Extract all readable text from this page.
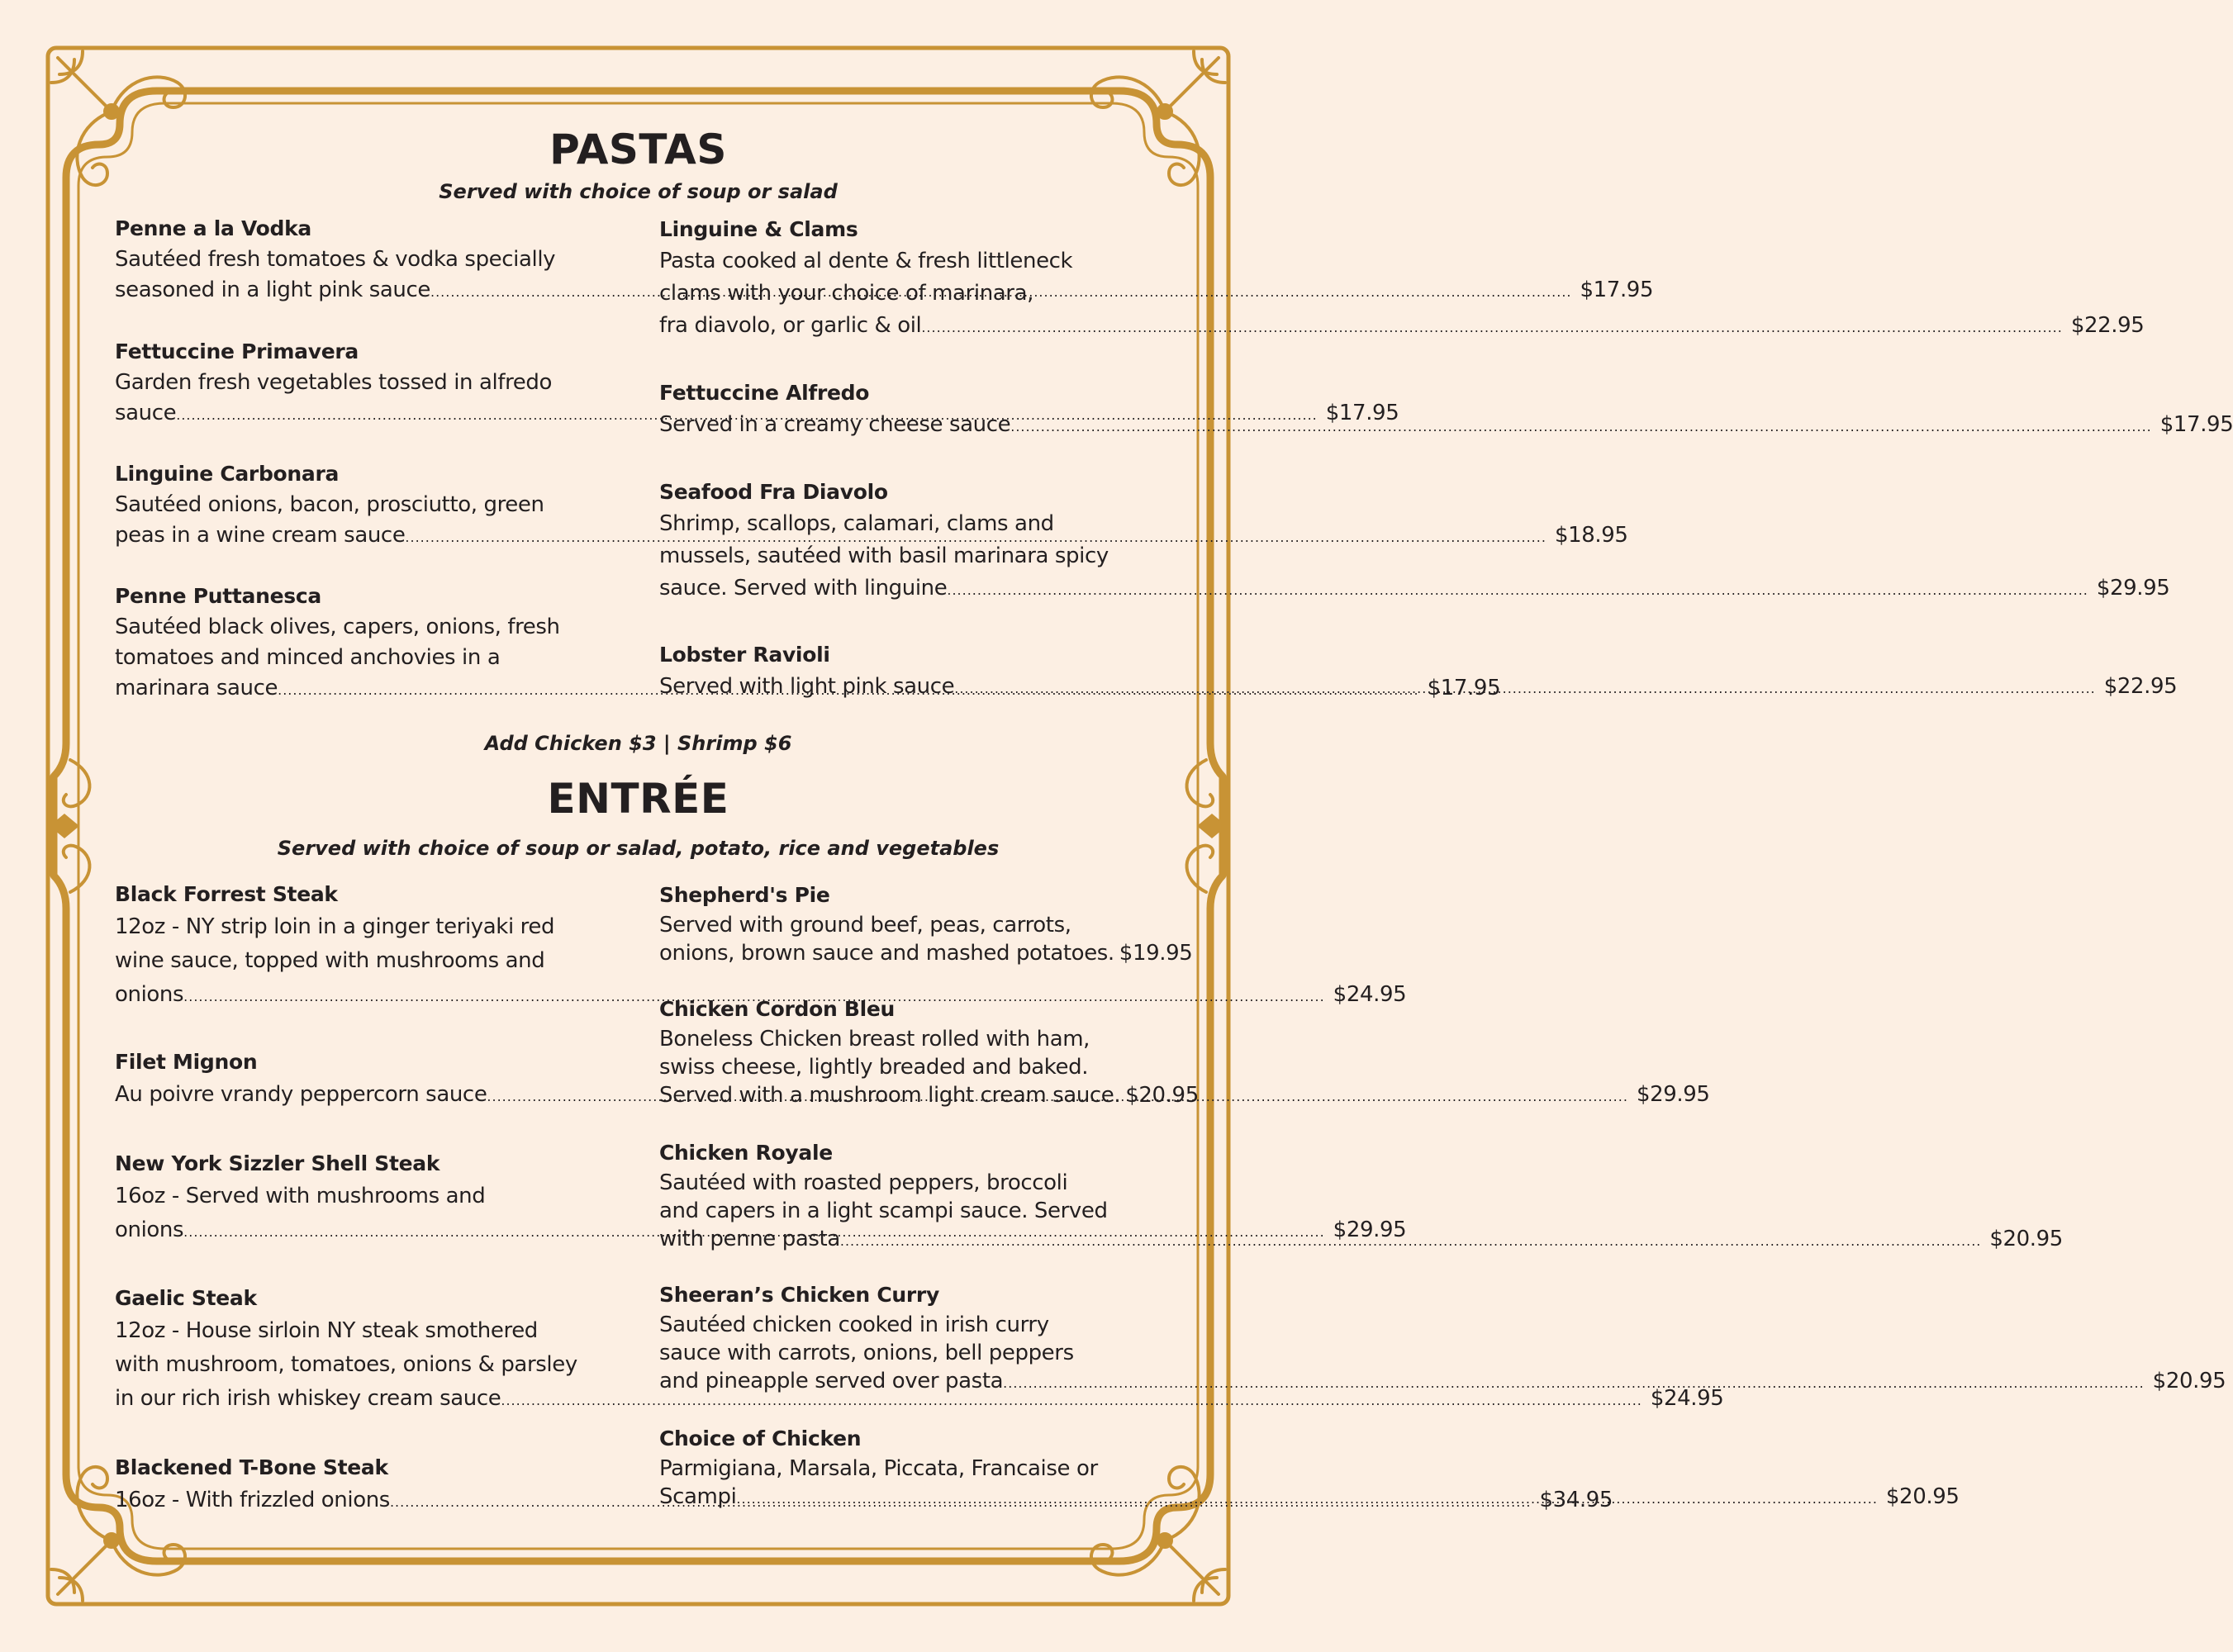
PASTAS
Served with choice of soup or salad
Penne a la Vodka
Sautéed fresh tomatoes & vodka specially
seasoned in a light pink sauce .....	$17.95
Fettuccine Primavera
Garden fresh vegetables tossed in alfredo
sauce .....	$17.95
Linguine Carbonara
Sautéed onions, bacon, prosciutto, green
peas in a wine cream sauce .....	$18.95
Penne Puttanesca
Sautéed black olives, capers, onions, fresh
tomatoes and minced anchovies in a
marinara sauce .....	$17.95
Linguine & Clams
Pasta cooked al dente & fresh littleneck
clams with your choice of marinara,
fra diavolo, or garlic & oil .....	$22.95
Fettuccine Alfredo
Served in a creamy cheese sauce .....	$17.95
Seafood Fra Diavolo
Shrimp, scallops, calamari, clams and
mussels, sautéed with basil marinara spicy
sauce. Served with linguine .....	$29.95
Lobster Ravioli
Served with light pink sauce .....	$22.95
Add Chicken $3 | Shrimp $6
ENTRÉE
Served with choice of soup or salad, potato, rice and vegetables
Black Forrest Steak
12oz - NY strip loin in a ginger teriyaki red
wine sauce, topped with mushrooms and
onions .....	$24.95
Filet Mignon
Au poivre vrandy peppercorn sauce .....	$29.95
New York Sizzler Shell Steak
16oz - Served with mushrooms and
onions .....	$29.95
Gaelic Steak
12oz - House sirloin NY steak smothered
with mushroom, tomatoes, onions & parsley
in our rich irish whiskey cream sauce .....	$24.95
Blackened T-Bone Steak
16oz - With frizzled onions .....	$34.95
Shepherd's Pie
Served with ground beef, peas, carrots,
onions, brown sauce and mashed potatoes. $19.95
Chicken Cordon Bleu
Boneless Chicken breast rolled with ham,
swiss cheese, lightly breaded and baked.
Served with a mushroom light cream sauce. $20.95
Chicken Royale
Sautéed with roasted peppers, broccoli
and capers in a light scampi sauce. Served
with penne pasta .....	$20.95
Sheeran’s Chicken Curry
Sautéed chicken cooked in irish curry
sauce with carrots, onions, bell peppers
and pineapple served over pasta .....	$20.95
Choice of Chicken
Parmigiana, Marsala, Piccata, Francaise or
Scampi .....	$20.95
